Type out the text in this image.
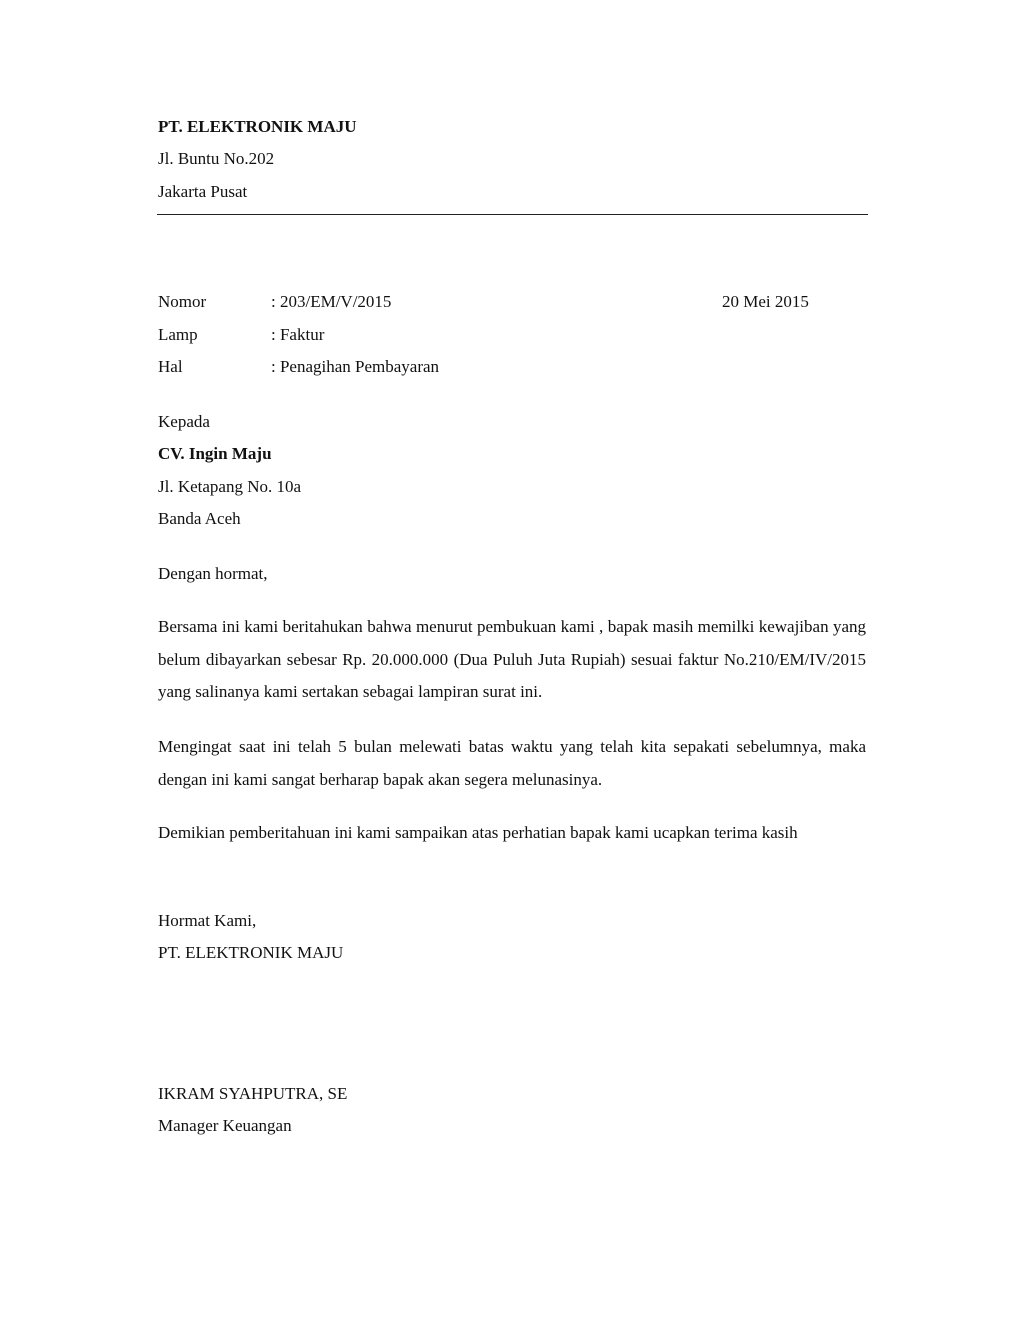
PT. ELEKTRONIK MAJU
Jl. Buntu No.202
Jakarta Pusat
Nomor	: 203/EM/V/2015	20 Mei 2015
Lamp	: Faktur
Hal	: Penagihan Pembayaran
Kepada
CV. Ingin Maju
Jl. Ketapang No. 10a
Banda Aceh
Dengan hormat,
Bersama ini kami beritahukan bahwa menurut pembukuan kami , bapak masih memilki kewajiban yang belum dibayarkan sebesar Rp. 20.000.000 (Dua Puluh Juta Rupiah) sesuai faktur No.210/EM/IV/2015 yang salinanya kami sertakan sebagai lampiran surat ini.
Mengingat saat ini telah 5 bulan melewati batas waktu yang telah kita sepakati sebelumnya, maka dengan ini kami sangat berharap bapak akan segera melunasinya.
Demikian pemberitahuan ini kami sampaikan atas perhatian bapak kami ucapkan terima kasih
Hormat Kami,
PT. ELEKTRONIK MAJU
IKRAM SYAHPUTRA, SE
Manager Keuangan
